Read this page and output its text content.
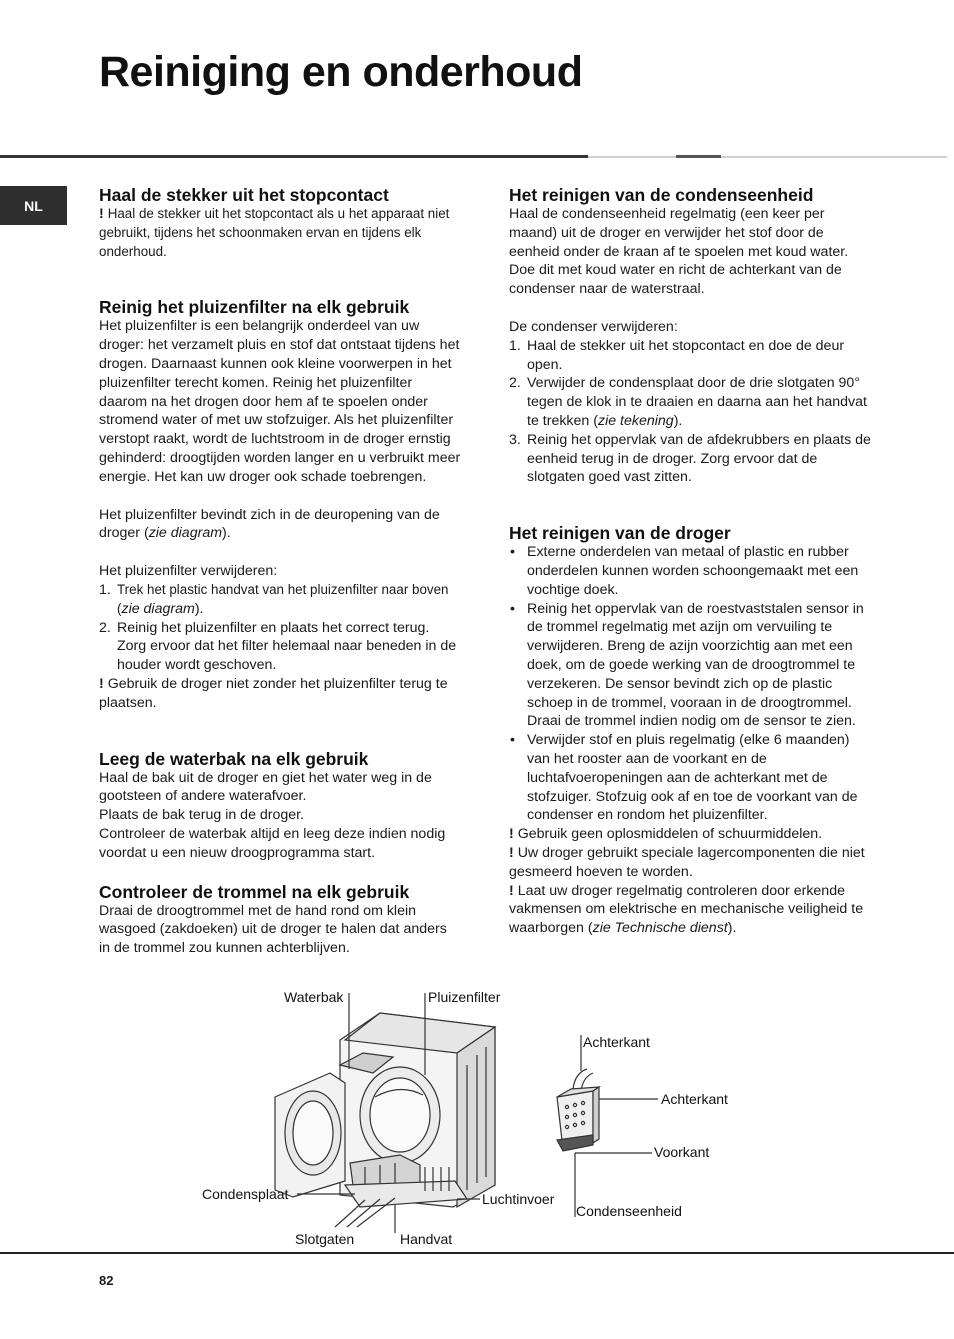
Reiniging en onderhoud
NL
Haal de stekker uit het stopcontact

! Haal de stekker uit het stopcontact als u het apparaat niet gebruikt, tijdens het schoonmaken ervan en tijdens elk onderhoud.

Reinig het pluizenfilter na elk gebruik

Het pluizenfilter is een belangrijk onderdeel van uw droger: het verzamelt pluis en stof dat ontstaat tijdens het drogen. Daarnaast kunnen ook kleine voorwerpen in het pluizenfilter terecht komen. Reinig het pluizenfilter daarom na het drogen door hem af te spoelen onder stromend water of met uw stofzuiger. Als het pluizenfilter verstopt raakt, wordt de luchtstroom in de droger ernstig gehinderd: droogtijden worden langer en u verbruikt meer energie. Het kan uw droger ook schade toebrengen.

Het pluizenfilter bevindt zich in de deuropening van de droger (zie diagram).

Het pluizenfilter verwijderen:

1. Trek het plastic handvat van het pluizenfilter naar boven (zie diagram).
2. Reinig het pluizenfilter en plaats het correct terug. Zorg ervoor dat het filter helemaal naar beneden in de houder wordt geschoven.

! Gebruik de droger niet zonder het pluizenfilter terug te plaatsen.

Leeg de waterbak na elk gebruik

Haal de bak uit de droger en giet het water weg in de gootsteen of andere waterafvoer.

Plaats de bak terug in de droger.

Controleer de waterbak altijd en leeg deze indien nodig voordat u een nieuw droogprogramma start.

Controleer de trommel na elk gebruik

Draai de droogtrommel met de hand rond om klein wasgoed (zakdoeken) uit de droger te halen dat anders in de trommel zou kunnen achterblijven.

Het reinigen van de condenseenheid

Haal de condenseenheid regelmatig (een keer per maand) uit de droger en verwijder het stof door de eenheid onder de kraan af te spoelen met koud water. Doe dit met koud water en richt de achterkant van de condenser naar de waterstraal.

De condenser verwijderen:

1. Haal de stekker uit het stopcontact en doe de deur open.
2. Verwijder de condensplaat door de drie slotgaten 90° tegen de klok in te draaien en daarna aan het handvat te trekken (zie tekening).
3. Reinig het oppervlak van de afdekrubbers en plaats de eenheid terug in de droger. Zorg ervoor dat de slotgaten goed vast zitten.
Het reinigen van de droger
• Externe onderdelen van metaal of plastic en rubber onderdelen kunnen worden schoongemaakt met een vochtige doek.
• Reinig het oppervlak van de roestvaststalen sensor in de trommel regelmatig met azijn om vervuiling te verwijderen. Breng de azijn voorzichtig aan met een doek, om de goede werking van de droogtrommel te verzekeren. De sensor bevindt zich op de plastic schoep in de trommel, vooraan in de droogtrommel. Draai de trommel indien nodig om de sensor te zien.
• Verwijder stof en pluis regelmatig (elke 6 maanden) van het rooster aan de voorkant en de luchtafvoeropeningen aan de achterkant met de stofzuiger. Stofzuig ook af en toe de voorkant van de condenser en rondom het pluizenfilter.

! Gebruik geen oplosmiddelen of schuurmiddelen.

! Uw droger gebruikt speciale lagercomponenten die niet gesmeerd hoeven te worden.

! Laat uw droger regelmatig controleren door erkende vakmensen om elektrische en mechanische veiligheid te waarborgen (zie Technische dienst).

Waterbak	Pluizenfilter
Condensplaat
Slotgaten	Handvat
Luchtinvoer
Achterkant
Achterkant
Voorkant
Condenseenheid
82
